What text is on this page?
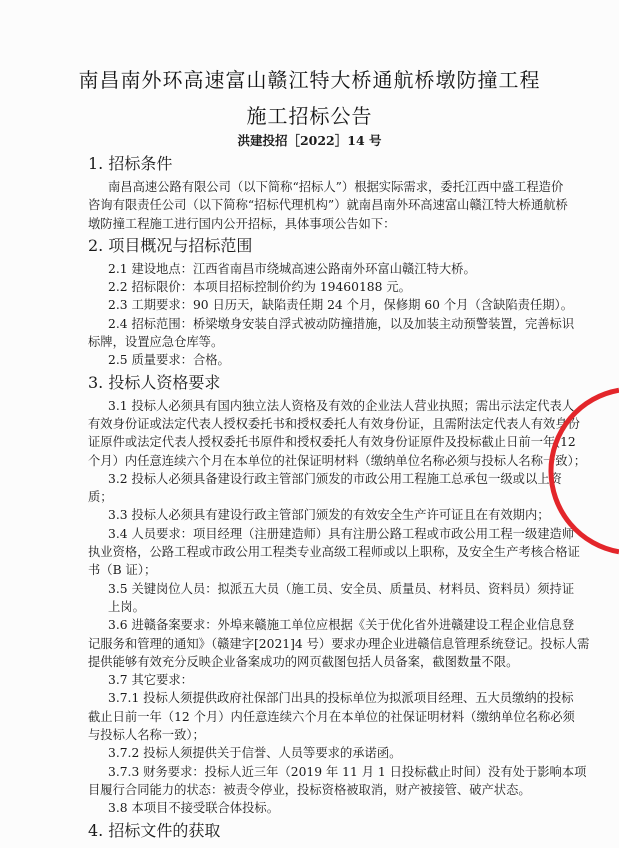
南昌南外环高速富山赣江特大桥通航桥墩防撞工程
施工招标公告
洪建投招［2022］14 号
1. 招标条件
南昌高速公路有限公司（以下简称“招标人”）根据实际需求，委托江西中盛工程造价
咨询有限责任公司（以下简称“招标代理机构”）就南昌南外环高速富山赣江特大桥通航桥
墩防撞工程施工进行国内公开招标，具体事项公告如下：
2. 项目概况与招标范围
2.1 建设地点：江西省南昌市绕城高速公路南外环富山赣江特大桥。
2.2 招标限价：本项目招标控制价约为 19460188 元。
2.3 工期要求：90 日历天，缺陷责任期 24 个月，保修期 60 个月（含缺陷责任期）。
2.4 招标范围：桥梁墩身安装自浮式被动防撞措施，以及加装主动预警装置，完善标识
标牌，设置应急仓库等。
2.5 质量要求：合格。
3. 投标人资格要求
3.1 投标人必须具有国内独立法人资格及有效的企业法人营业执照；需出示法定代表人
有效身份证或法定代表人授权委托书和授权委托人有效身份证，且需附法定代表人有效身份
证原件或法定代表人授权委托书原件和授权委托人有效身份证原件及投标截止日前一年(12
个月）内任意连续六个月在本单位的社保证明材料（缴纳单位名称必须与投标人名称一致）；
3.2 投标人必须具备建设行政主管部门颁发的市政公用工程施工总承包一级或以上资
质；
3.3 投标人必须具有建设行政主管部门颁发的有效安全生产许可证且在有效期内；
3.4 人员要求：项目经理（注册建造师）具有注册公路工程或市政公用工程一级建造师
执业资格，公路工程或市政公用工程类专业高级工程师或以上职称，及安全生产考核合格证
书（B 证）；
3.5 关键岗位人员：拟派五大员（施工员、安全员、质量员、材料员、资料员）须持证
上岗。
3.6 进赣备案要求：外埠来赣施工单位应根据《关于优化省外进赣建设工程企业信息登
记服务和管理的通知》（赣建字[2021]4 号）要求办理企业进赣信息管理系统登记。投标人需
提供能够有效充分反映企业备案成功的网页截图包括人员备案，截图数量不限。
3.7 其它要求：
3.7.1 投标人须提供政府社保部门出具的投标单位为拟派项目经理、五大员缴纳的投标
截止日前一年（12 个月）内任意连续六个月在本单位的社保证明材料（缴纳单位名称必须
与投标人名称一致）；
3.7.2 投标人须提供关于信誉、人员等要求的承诺函。
3.7.3 财务要求：投标人近三年（2019 年 11 月 1 日投标截止时间）没有处于影响本项
目履行合同能力的状态：被责令停业，投标资格被取消，财产被接管、破产状态。
3.8 本项目不接受联合体投标。
4. 招标文件的获取
